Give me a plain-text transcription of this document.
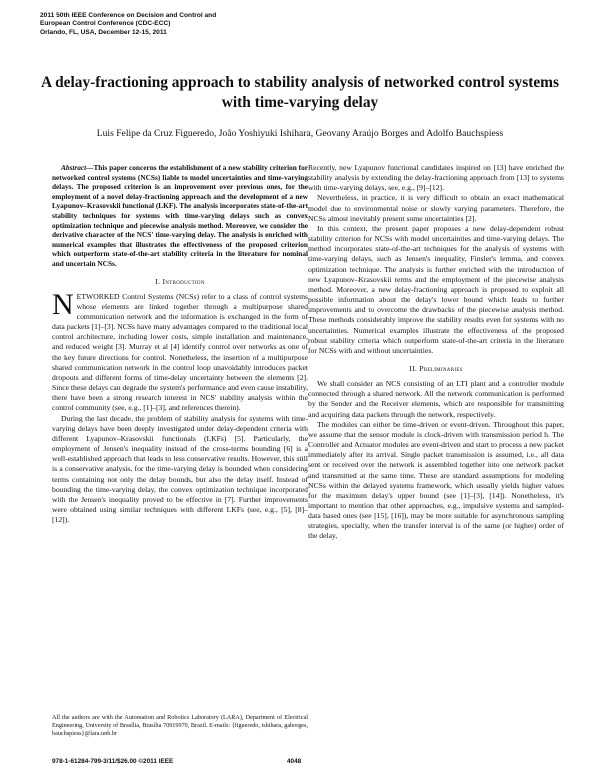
2011 50th IEEE Conference on Decision and Control and
European Control Conference (CDC-ECC)
Orlando, FL, USA, December 12-15, 2011
A delay-fractioning approach to stability analysis of networked control systems with time-varying delay
Luis Felipe da Cruz Figueredo, João Yoshiyuki Ishihara, Geovany Araújo Borges and Adolfo Bauchspiess

Abstract—This paper concerns the establishment of a new stability criterion for networked control systems (NCSs) liable to model uncertainties and time-varying delays. The proposed criterion is an improvement over previous ones, for the employment of a novel delay-fractioning approach and the development of a new Lyapunov–Krasovskii functional (LKF). The analysis incorporates state-of-the-art stability techniques for systems with time-varying delays such as convex optimization technique and piecewise analysis method. Moreover, we consider the derivative character of the NCS' time-varying delay. The analysis is enriched with numerical examples that illustrates the effectiveness of the proposed criterion which outperform state-of-the-art stability criteria in the literature for nominal and uncertain NCSs.

I. Introduction

NETWORKED Control Systems (NCSs) refer to a class of control systems whose elements are linked together through a multipurpose shared communication network and the information is exchanged in the form of data packets [1]–[3]. NCSs have many advantages compared to the traditional local control architecture, including lower costs, simple installation and maintenance, and reduced weight [3]. Murray et al [4] identify control over networks as one of the key future directions for control. Nonetheless, the insertion of a multipurpose shared communication network in the control loop unavoidably introduces packet dropouts and different forms of time-delay uncertainty between the elements [2]. Since these delays can degrade the system's performance and even cause instability, there have been a strong research interest in NCS' stability analysis within the control community (see, e.g., [1]–[3], and references therein).

During the last decade, the problem of stability analysis for systems with time-varying delays have been deeply investigated under delay-dependent criteria with different Lyapunov–Krasovskii functionals (LKFs) [5]. Particularly, the employment of Jensen's inequality instead of the cross-terms bounding [6] is a well-established approach that leads to less conservative results. However, this still is a conservative analysis, for the time-varying delay is bounded when considering terms containing not only the delay bounds, but also the delay itself. Instead of bounding the time-varying delay, the convex optimization technique incorporated with the Jensen's inequality proved to be effective in [7]. Further improvements were obtained using similar techniques with different LKFs (see, e.g., [5], [8]–[12]).

Recently, new Lyapunov functional candidates inspired on [13] have enriched the stability analysis by extending the delay-fractioning approach from [13] to systems with time-varying delays, see, e.g., [9]–[12].

Nevertheless, in practice, it is very difficult to obtain an exact mathematical model due to environmental noise or slowly varying parameters. Therefore, the NCSs almost inevitably present some uncertainties [2].

In this context, the present paper proposes a new delay-dependent robust stability criterion for NCSs with model uncertainties and time-varying delays. The method incorporates state-of-the-art techniques for the analysis of systems with time-varying delays, such as Jensen's inequality, Finsler's lemma, and convex optimization technique. The analysis is further enriched with the introduction of new Lyapunov–Krasovskii terms and the employment of the piecewise analysis method. Moreover, a new delay-fractioning approach is proposed to exploit all possible information about the delay's lower bound which leads to further improvements and to overcome the drawbacks of the piecewise analysis method. These methods considerably improve the stability results even for systems with no uncertainties. Numerical examples illustrate the effectiveness of the proposed robust stability criteria which outperform state-of-the-art criteria in the literature for NCSs with and without uncertainties.

II. Preliminaries

We shall consider an NCS consisting of an LTI plant and a controller module connected through a shared network. All the network communication is performed by the Sender and the Receiver elements, which are responsible for transmitting and acquiring data packets through the network, respectively.

The modules can either be time-driven or event-driven. Throughout this paper, we assume that the sensor module is clock-driven with transmission period h. The Controller and Actuator modules are event-driven and start to process a new packet immediately after its arrival. Single packet transmission is assumed, i.e., all data sent or received over the network is assembled together into one network packet and transmitted at the same time. These are standard assumptions for modeling NCSs within the delayed systems framework, which usually yields higher values for the maximum delay's upper bound (see [1]–[3], [14]). Nonetheless, it's important to mention that other approaches, e.g., impulsive systems and sampled-data based ones (see [15], [16]), may be more suitable for asynchronous sampling strategies, specially, when the transfer interval is of the same (or higher) order of the delay,

All the authors are with the Automation and Robotics Laboratory (LARA), Department of Electrical Engineering, University of Brasília, Brasília 70919970, Brazil. E-mails: {figueredo, ishihara, gaborges, bauchspiess}@lara.unb.br
978-1-61284-799-3/11/$26.00 ©2011 IEEE	4048
